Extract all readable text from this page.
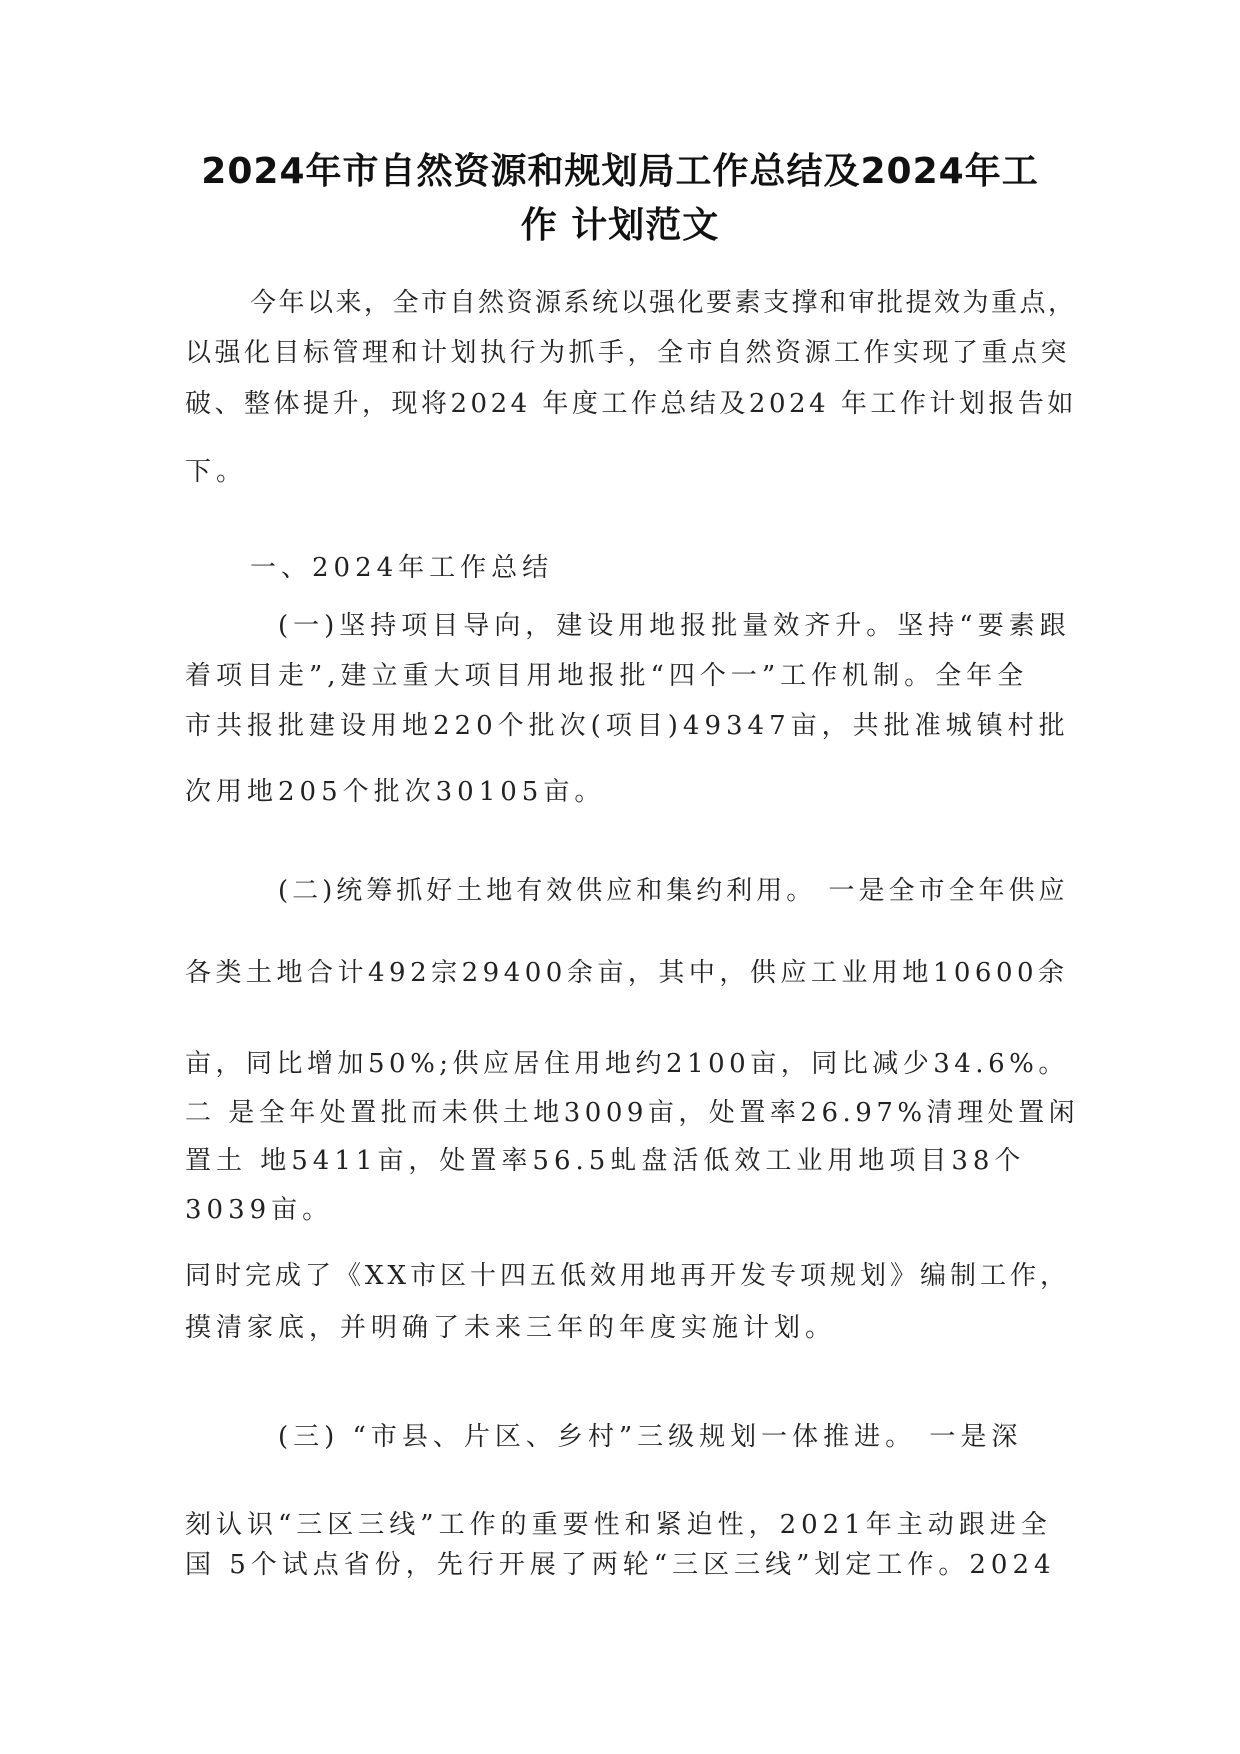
2024年市自然资源和规划局工作总结及2024年工
作 计划范文

今年以来，全市自然资源系统以强化要素支撑和审批提效为重点，

以强化目标管理和计划执行为抓手，全市自然资源工作实现了重点突

破、整体提升，现将2024 年度工作总结及2024 年工作计划报告如

下。

一、2024年工作总结

(一)坚持项目导向，建设用地报批量效齐升。坚持“要素跟

着项目走”,建立重大项目用地报批“四个一”工作机制。全年全

市共报批建设用地220个批次(项目)49347亩，共批准城镇村批

次用地205个批次30105亩。

(二)统筹抓好土地有效供应和集约利用。 一是全市全年供应

各类土地合计492宗29400余亩，其中，供应工业用地10600余

亩，同比增加50%;供应居住用地约2100亩，同比减少34.6%。

二 是全年处置批而未供土地3009亩，处置率26.97%清理处置闲

置土 地5411亩，处置率56.5虬盘活低效工业用地项目38个

3039亩。

同时完成了《XX市区十四五低效用地再开发专项规划》编制工作，

摸清家底，并明确了未来三年的年度实施计划。

(三) “市县、片区、乡村”三级规划一体推进。 一是深

刻认识“三区三线”工作的重要性和紧迫性，2021年主动跟进全

国 5个试点省份，先行开展了两轮“三区三线”划定工作。2024
